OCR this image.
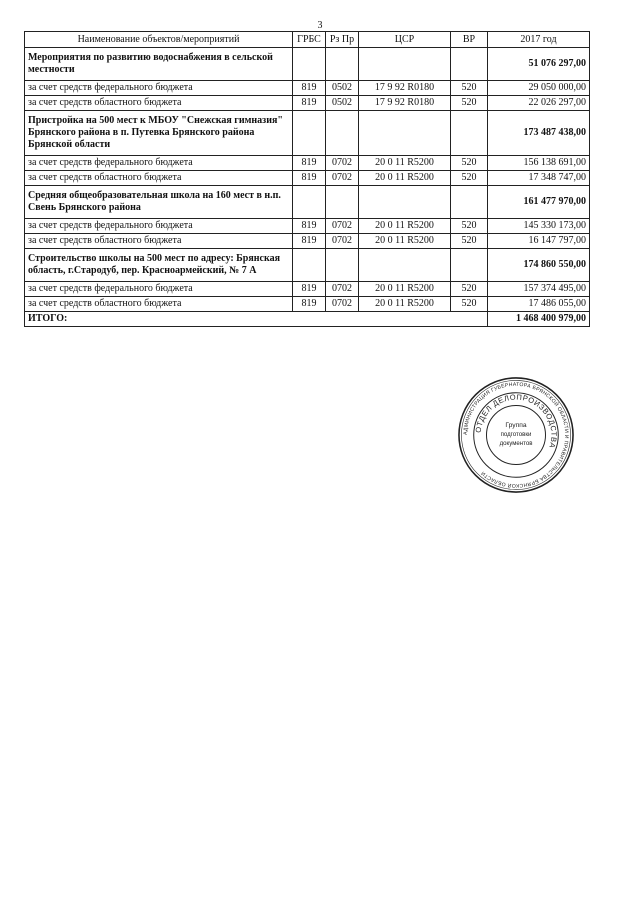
3
Наименование объектов/мероприятий	ГРБС	Рз Пр	ЦСР	ВР	2017 год
Мероприятия по развитию водоснабжения в сельской местности					51 076 297,00
за счет средств федерального бюджета	819	0502	17 9 92 R0180	520	29 050 000,00
за счет средств областного бюджета	819	0502	17 9 92 R0180	520	22 026 297,00
Пристройка на 500 мест к МБОУ "Снежская гимназия" Брянского района в п. Путевка Брянского района Брянской области					173 487 438,00
за счет средств федерального бюджета	819	0702	20 0 11 R5200	520	156 138 691,00
за счет средств областного бюджета	819	0702	20 0 11 R5200	520	17 348 747,00
Средняя общеобразовательная школа на 160 мест в н.п. Свень Брянского района					161 477 970,00
за счет средств федерального бюджета	819	0702	20 0 11 R5200	520	145 330 173,00
за счет средств областного бюджета	819	0702	20 0 11 R5200	520	16 147 797,00
Строительство школы на 500 мест по адресу: Брянская область, г.Стародуб, пер. Красноармейский, № 7 А					174 860 550,00
за счет средств федерального бюджета	819	0702	20 0 11 R5200	520	157 374 495,00
за счет средств областного бюджета	819	0702	20 0 11 R5200	520	17 486 055,00
ИТОГО:					1 468 400 979,00
АДМИНИСТРАЦИЯ ГУБЕРНАТОРА БРЯНСКОЙ ОБЛАСТИ И ПРАВИТЕЛЬСТВА БРЯНСКОЙ ОБЛАСТИ
ОТДЕЛ ДЕЛОПРОИЗВОДСТВА
Группа
подготовки
документов
